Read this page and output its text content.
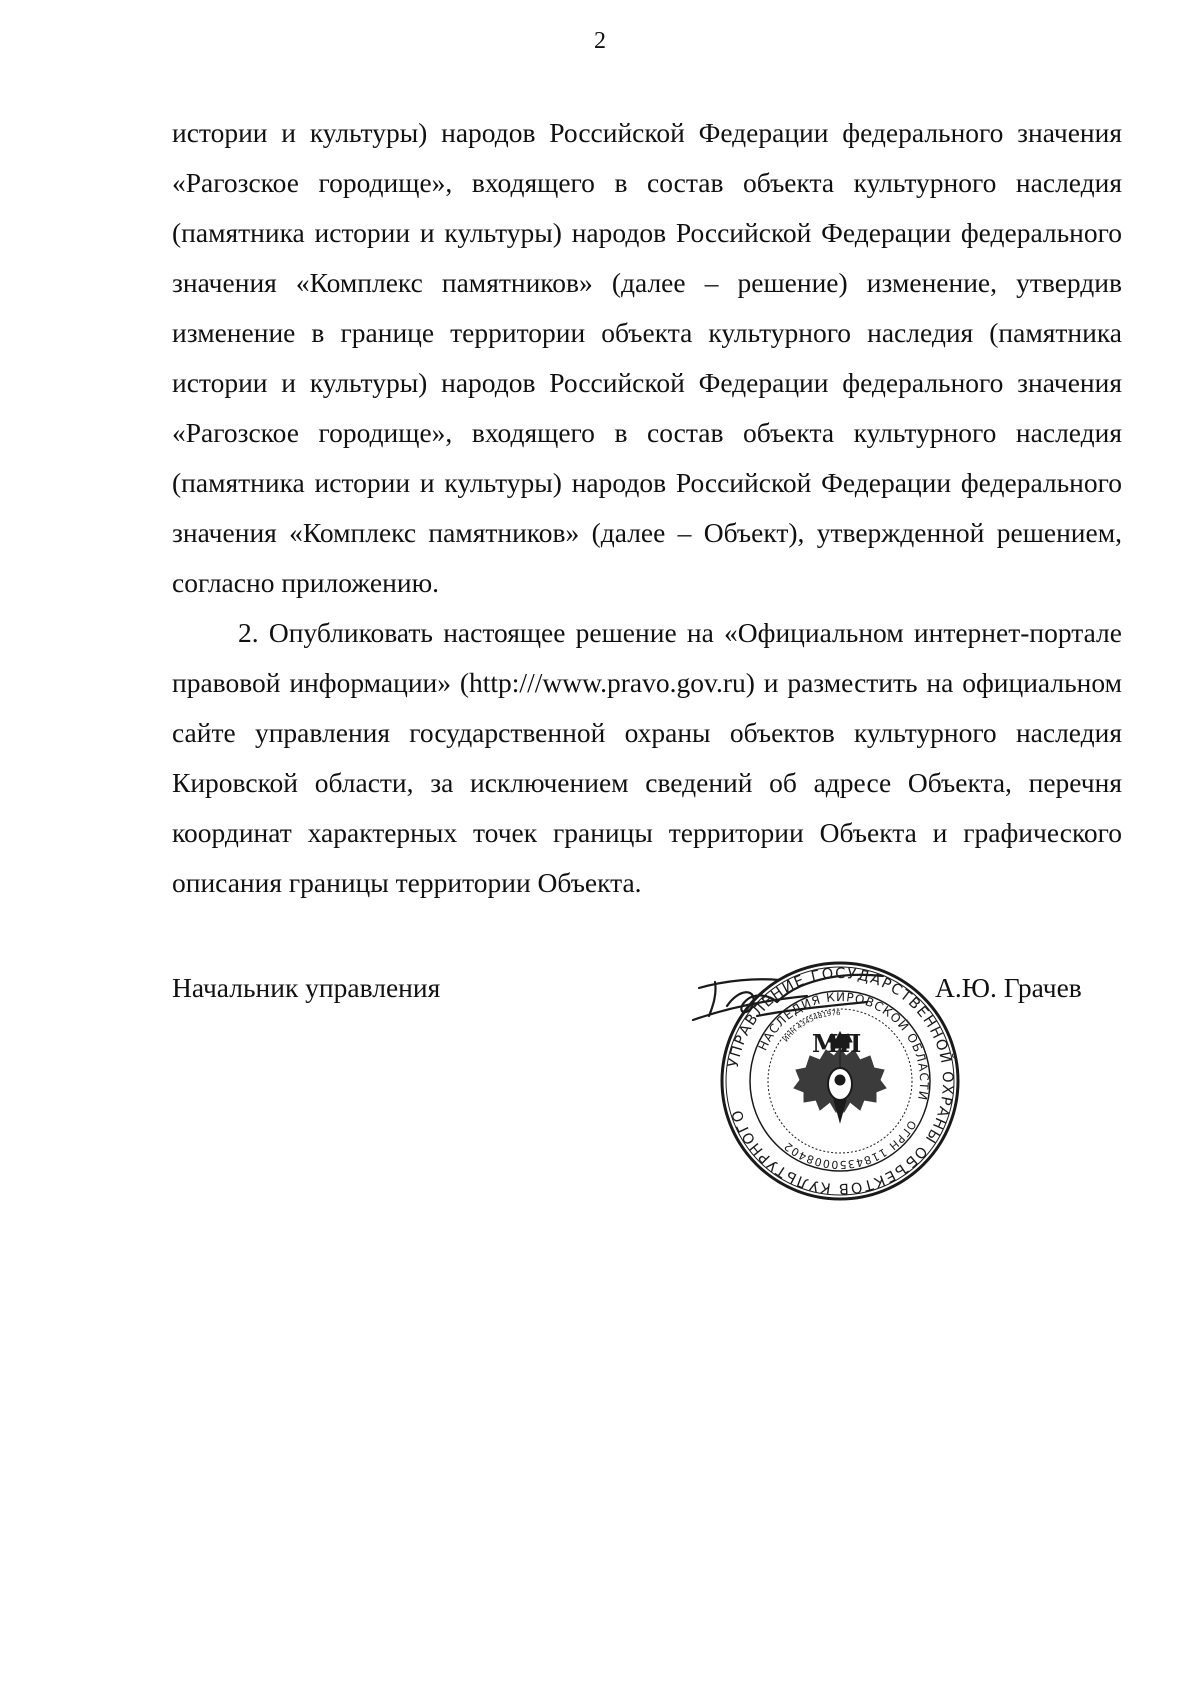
2

истории и культуры) народов Российской Федерации федерального значения «Рагозское городище», входящего в состав объекта культурного наследия (памятника истории и культуры) народов Российской Федерации федерального значения «Комплекс памятников» (далее – решение) изменение, утвердив изменение в границе территории объекта культурного наследия (памятника истории и культуры) народов Российской Федерации федерального значения «Рагозское городище», входящего в состав объекта культурного наследия (памятника истории и культуры) народов Российской Федерации федерального значения «Комплекс памятников» (далее – Объект), утвержденной решением, согласно приложению.

2. Опубликовать настоящее решение на «Официальном интернет-портале правовой информации» (http:///www.pravo.gov.ru) и разместить на официальном сайте управления государственной охраны объектов культурного наследия Кировской области, за исключением сведений об адресе Объекта, перечня координат характерных точек границы территории Объекта и графического описания границы территории Объекта.

Начальник управления
УПРАВЛЕНИЕ ГОСУДАРСТВЕННОЙ ОХРАНЫ ОБЪЕКТОВ КУЛЬТУРНОГО
НАСЛЕДИЯ КИРОВСКОЙ ОБЛАСТИ
ОГРН 1184350008402
ИНН 4345481976
МП
А.Ю. Грачев
